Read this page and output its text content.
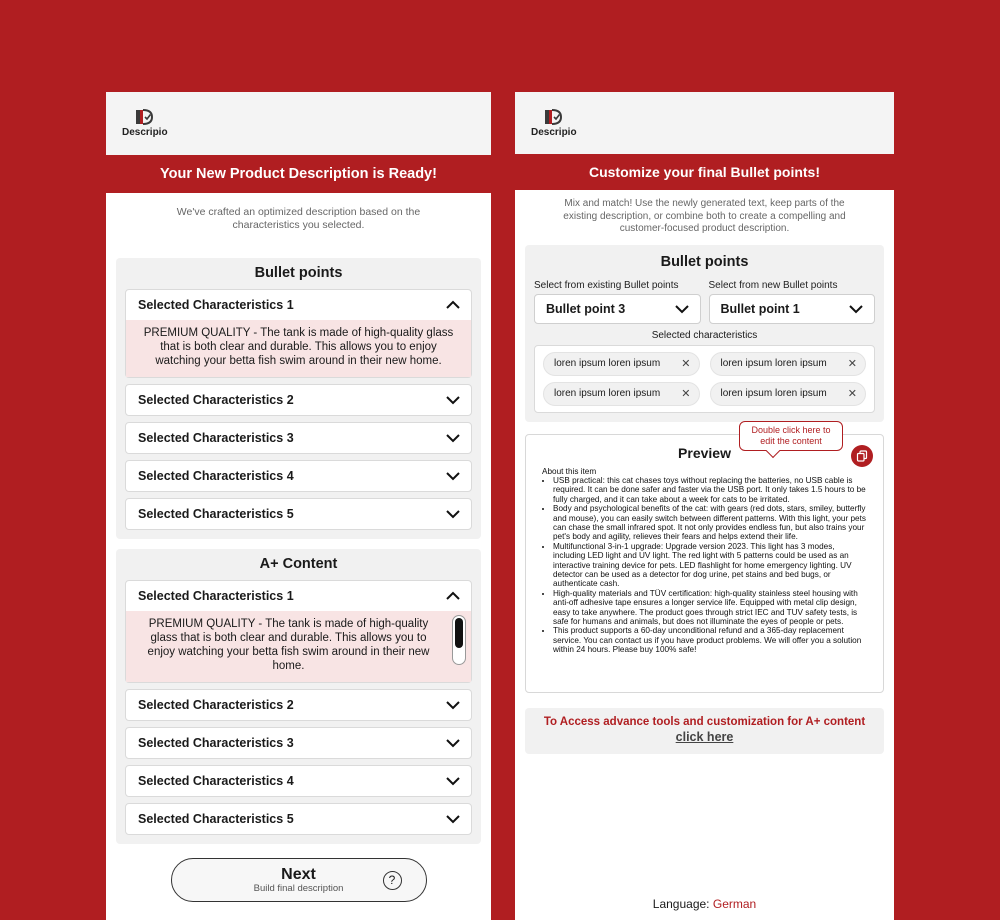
Descripio
Your New Product Description is Ready!

We've crafted an optimized description based on the characteristics you selected.

Bullet points
Selected Characteristics 1
PREMIUM QUALITY - The tank is made of high-quality glass that is both clear and durable. This allows you to enjoy watching your betta fish swim around in their new home.
Selected Characteristics 2
Selected Characteristics 3
Selected Characteristics 4
Selected Characteristics 5
A+ Content
Selected Characteristics 1
PREMIUM QUALITY - The tank is made of high-quality glass that is both clear and durable. This allows you to enjoy watching your betta fish swim around in their new home.
Selected Characteristics 2
Selected Characteristics 3
Selected Characteristics 4
Selected Characteristics 5
Next
Build final description
?
Descripio
Customize your final Bullet points!

Mix and match! Use the newly generated text, keep parts of the existing description, or combine both to create a compelling and customer-focused product description.

Bullet points
Select from existing Bullet points
Bullet point 3
Select from new Bullet points
Bullet point 1
Selected characteristics
loren ipsum loren ipsum ✕	loren ipsum loren ipsum ✕
loren ipsum loren ipsum ✕	loren ipsum loren ipsum ✕
Preview
Double click here to edit the content
About this item
• USB practical: this cat chases toys without replacing the batteries, no USB cable is required. It can be done safer and faster via the USB port. It only takes 1.5 hours to be fully charged, and it can take about a week for cats to be irritated.
• Body and psychological benefits of the cat: with gears (red dots, stars, smiley, butterfly and mouse), you can easily switch between different patterns. With this light, your pets can chase the small infrared spot. It not only provides endless fun, but also trains your pet's body and agility, relieves their fears and helps extend their life.
• Multifunctional 3-in-1 upgrade: Upgrade version 2023. This light has 3 modes, including LED light and UV light. The red light with 5 patterns could be used as an interactive training device for pets. LED flashlight for home emergency lighting. UV detector can be used as a detector for dog urine, pet stains and bed bugs, or authenticate cash.
• High-quality materials and TÜV certification: high-quality stainless steel housing with anti-off adhesive tape ensures a longer service life. Equipped with metal clip design, easy to take anywhere. The product goes through strict IEC and TUV safety tests, is safe for humans and animals, but does not illuminate the eyes of people or pets.
• This product supports a 60-day unconditional refund and a 365-day replacement service. You can contact us if you have product problems. We will offer you a solution within 24 hours. Please buy 100% safe!
To Access advance tools and customization for A+ content
click here
Language: German
